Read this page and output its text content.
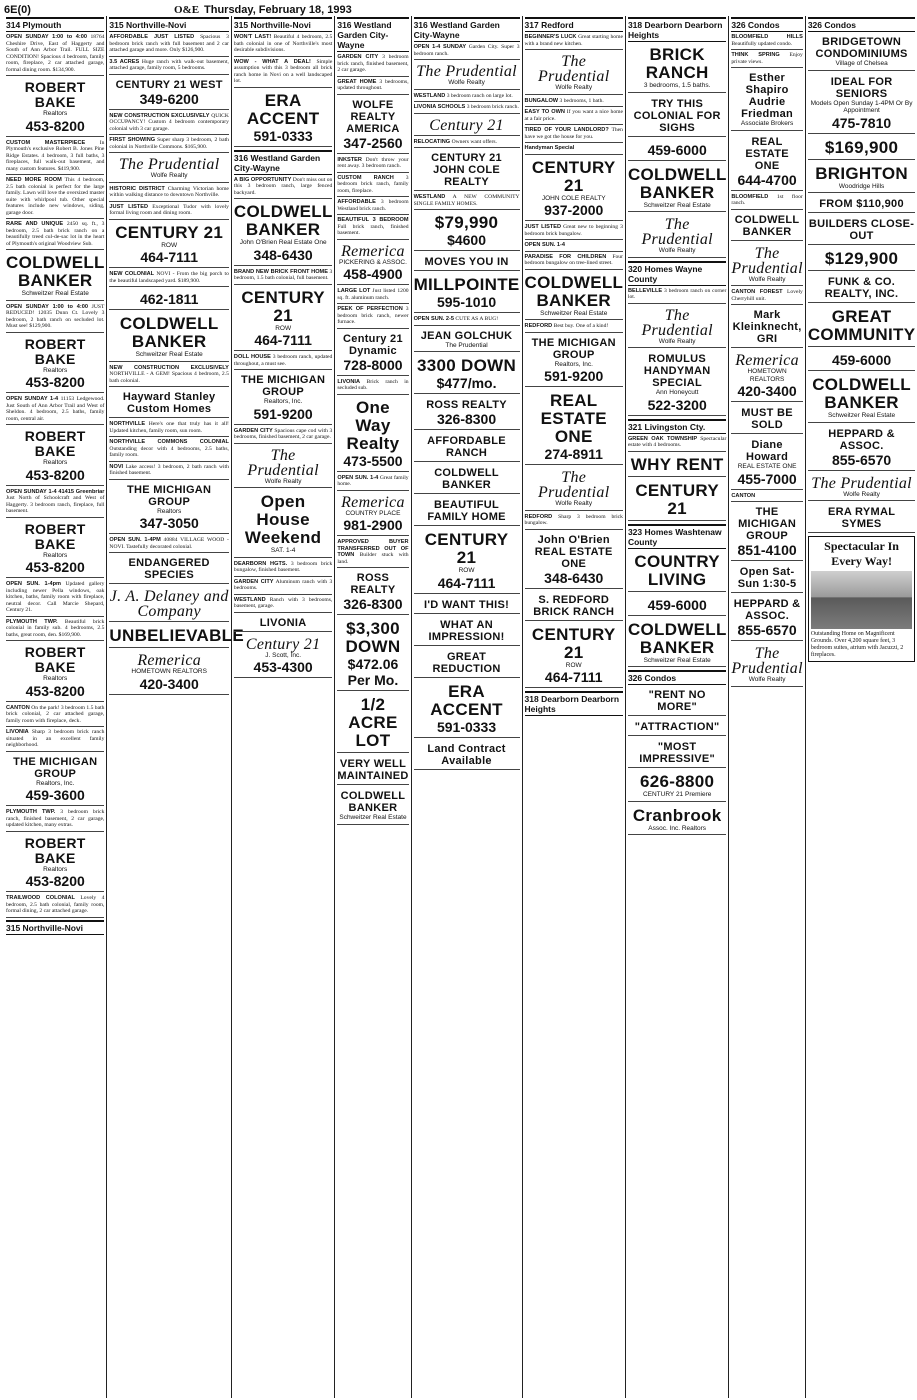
6E(0)	O&E Thursday, February 18, 1993
314 Plymouth
OPEN SUNDAY 1:00 to 4:00 18764 Cheshire Drive, East of Haggerty and South of Ann Arbor Trail. FULL SIZE CONDITION! Spacious 4 bedroom, family room, fireplace, 2 car attached garage, formal dining room. $134,900.
ROBERT BAKE
Realtors
453-8200
CUSTOM MASTERPIECE	In Plymouth's exclusive Robert B. Jones Pine Ridge Estates. 4 bedroom, 3 full baths, 3 fireplaces, full walk-out basement, and many custom features. $419,900.
NEED MORE ROOM This 4 bedroom, 2.5 bath colonial is perfect for the large family. Lawn will love the oversized master suite with whirlpool tub. Other special features include new windows, siding, garage door.
RARE AND UNIQUE 2450 sq. ft., 3 bedroom, 2.5 bath brick ranch on a beautifully treed cul-de-sac lot in the heart of Plymouth's original Woodview Sub.
COLDWELL BANKER
Schweitzer Real Estate
OPEN SUNDAY 1:00 to 4:00 JUST REDUCED! 12035 Dunn Ct. Lovely 3 bedroom, 2 bath ranch on secluded lot. Must see! $129,900.
ROBERT BAKE
Realtors
453-8200
OPEN SUNDAY 1-4 11153 Ledgewood. Just South of Ann Arbor Trail and West of Sheldon. 4 bedroom, 2.5 baths, family room, central air.
ROBERT BAKE
Realtors
453-8200
OPEN SUNDAY 1-4 41415 Greenbriar Just North of Schoolcraft and West of Haggerty. 3 bedroom ranch, fireplace, full basement.
ROBERT BAKE
Realtors
453-8200
OPEN SUN. 1-4pm Updated gallery including newer Pella windows, oak kitchen, baths, family room with fireplace, neutral decor. Call Marcie Shepard, Century 21.
PLYMOUTH TWP. Beautiful brick colonial in family sub. 4 bedrooms, 2.5 baths, great room, den. $169,900.
ROBERT BAKE
Realtors
453-8200
CANTON On the park! 3 bedroom 1.5 bath brick colonial, 2 car attached garage, family room with fireplace, deck.
LIVONIA Sharp 3 bedroom brick ranch situated in an excellent family neighborhood.
THE MICHIGAN GROUP
Realtors, Inc.
459-3600
PLYMOUTH TWP. 3 bedroom brick ranch, finished basement, 2 car garage, updated kitchen, many extras.
ROBERT BAKE
Realtors
453-8200
TRAILWOOD COLONIAL Lovely 4 bedroom, 2.5 bath colonial, family room, formal dining, 2 car attached garage.
315 Northville-Novi
315 Northville-Novi
AFFORDABLE JUST LISTED Spacious 3 bedroom brick ranch with full basement and 2 car attached garage and more. Only $126,900.
3.5 ACRES Huge ranch with walk-out basement, attached garage, family room, 5 bedrooms.
CENTURY 21 WEST
349-6200
NEW CONSTRUCTION EXCLUSIVELY QUICK OCCUPANCY! Custom 4 bedroom contemporary colonial with 3 car garage.
FIRST SHOWING Super sharp 3 bedroom, 2 bath colonial in Northville Commons. $165,900.
The Prudential
Wolfe Realty
HISTORIC DISTRICT Charming Victorian home within walking distance to downtown Northville.
JUST LISTED Exceptional Tudor with lovely formal living room and dining room.
CENTURY 21
ROW
464-7111
NEW COLONIAL NOVI - From the big porch to the beautiful landscaped yard. $189,900.
462-1811
COLDWELL BANKER
Schweitzer Real Estate
NEW CONSTRUCTION EXCLUSIVELY NORTHVILLE - A GEM! Spacious 4 bedroom, 2.5 bath colonial.
Hayward Stanley Custom Homes
NORTHVILLE Here's one that truly has it all! Updated kitchen, family room, sun room.
NORTHVILLE COMMONS COLONIAL Outstanding decor with 4 bedrooms, 2.5 baths, family room.
NOVI Lake access! 3 bedroom, 2 bath ranch with finished basement.
THE MICHIGAN GROUP
Realtors
347-3050
OPEN SUN. 1-4PM 40884 VILLAGE WOOD - NOVI. Tastefully decorated colonial.
ENDANGERED SPECIES
J. A. Delaney and Company
UNBELIEVABLE
Remerica
HOMETOWN REALTORS
420-3400
315 Northville-Novi
WON'T LAST! Beautiful 4 bedroom, 2.5 bath colonial in one of Northville's most desirable subdivisions.
WOW - WHAT A DEAL! Simple assumption with this 3 bedroom all brick ranch home in Novi on a well landscaped lot.
ERA ACCENT
591-0333
316 Westland Garden City-Wayne
A BIG OPPORTUNITY Don't miss out on this 3 bedroom ranch, large fenced backyard.
COLDWELL BANKER
John O'Brien Real Estate One
348-6430
BRAND NEW BRICK FRONT HOME 3 bedroom, 1.5 bath colonial, full basement.
CENTURY 21
ROW
464-7111
DOLL HOUSE 3 bedroom ranch, updated throughout, a must see.
THE MICHIGAN GROUP
Realtors, Inc.
591-9200
GARDEN CITY Spacious cape cod with 3 bedrooms, finished basement, 2 car garage.
The Prudential
Wolfe Realty
Open House Weekend
SAT. 1-4
DEARBORN HGTS. 3 bedroom brick bungalow, finished basement.
GARDEN CITY Aluminum ranch with 3 bedrooms.
WESTLAND Ranch with 3 bedrooms, basement, garage.
LIVONIA
Century 21
J. Scott, Inc.
453-4300
316 Westland Garden City-Wayne
GARDEN CITY 3 bedroom brick ranch, finished basement, 2 car garage.
GREAT HOME 3 bedrooms, updated throughout.
WOLFE REALTY AMERICA
347-2560
INKSTER Don't throw your rent away. 3 bedroom ranch.
CUSTOM RANCH 3 bedroom brick ranch, family room, fireplace.
AFFORDABLE 3 bedroom Westland brick ranch.
BEAUTIFUL 3 BEDROOM Full brick ranch, finished basement.
Remerica
PICKERING & ASSOC.
458-4900
LARGE LOT Just listed 1200 sq. ft. aluminum ranch.
PEEK OF PERFECTION 3 bedroom brick ranch, newer furnace.
Century 21 Dynamic
728-8000
LIVONIA Brick ranch in secluded sub.
One Way Realty
473-5500
OPEN SUN. 1-4 Great family home.
Remerica
COUNTRY PLACE
981-2900
APPROVED BUYER TRANSFERRED OUT OF TOWN Builder stuck with land.
ROSS REALTY
326-8300
$3,300 DOWN
$472.06 Per Mo.
1/2 ACRE LOT
VERY WELL MAINTAINED
COLDWELL BANKER
Schweitzer Real Estate
316 Westland Garden City-Wayne
OPEN 1-4 SUNDAY Garden City. Super 3 bedroom ranch.
The Prudential
Wolfe Realty
WESTLAND 3 bedroom ranch on large lot.
LIVONIA SCHOOLS 3 bedroom brick ranch.
Century 21
RELOCATING Owners want offers.
CENTURY 21 JOHN COLE REALTY
WESTLAND A NEW COMMUNITY SINGLE FAMILY HOMES.
$79,990
$4600
MOVES YOU IN
MILLPOINTE
595-1010
OPEN SUN. 2-5 CUTE AS A BUG!
JEAN GOLCHUK
The Prudential
3300 DOWN
$477/mo.
ROSS REALTY
326-8300
AFFORDABLE RANCH
COLDWELL BANKER
BEAUTIFUL FAMILY HOME
CENTURY 21
ROW
464-7111
I'D WANT THIS!
WHAT AN IMPRESSION!
GREAT REDUCTION
ERA ACCENT
591-0333
Land Contract Available
317 Redford
BEGINNER'S LUCK Great starting home with a brand new kitchen.
The Prudential
Wolfe Realty
BUNGALOW 3 bedrooms, 1 bath.
EASY TO OWN If you want a nice home at a fair price.
TIRED OF YOUR LANDLORD? Then have we got the house for you.
Handyman Special
CENTURY 21
JOHN COLE REALTY
937-2000
JUST LISTED Great new to beginning 3 bedroom brick bungalow.
OPEN SUN. 1-4
PARADISE FOR CHILDREN Four bedroom bungalow on tree-lined street.
COLDWELL BANKER
Schweitzer Real Estate
REDFORD Best buy. One of a kind!
THE MICHIGAN GROUP
Realtors, Inc.
591-9200
REAL ESTATE ONE
274-8911
The Prudential
Wolfe Realty
REDFORD Sharp 3 bedroom brick bungalow.
John O'Brien REAL ESTATE ONE
348-6430
S. REDFORD BRICK RANCH
CENTURY 21
ROW
464-7111
318 Dearborn Dearborn Heights
318 Dearborn Dearborn Heights
BRICK RANCH
3 bedrooms, 1.5 baths.
TRY THIS COLONIAL FOR SIGHS
459-6000
COLDWELL BANKER
Schweitzer Real Estate
The Prudential
Wolfe Realty
320 Homes Wayne County
BELLEVILLE 3 bedroom ranch on corner lot.
The Prudential
Wolfe Realty
ROMULUS HANDYMAN SPECIAL
Ann Honeycutt
522-3200
321 Livingston Cty.
GREEN OAK TOWNSHIP Spectacular estate with 4 bedrooms.
WHY RENT
CENTURY 21
323 Homes Washtenaw County
COUNTRY LIVING
459-6000
COLDWELL BANKER
Schweitzer Real Estate
326 Condos
"RENT NO MORE"
"ATTRACTION"
"MOST IMPRESSIVE"
626-8800
CENTURY 21 Premiere
Cranbrook
Assoc. Inc. Realtors
326 Condos
BLOOMFIELD HILLS Beautifully updated condo.
THINK SPRING Enjoy private views.
Esther Shapiro Audrie Friedman
Associate Brokers
REAL ESTATE ONE
644-4700
BLOOMFIELD 1st floor ranch.
COLDWELL BANKER
The Prudential
Wolfe Realty
CANTON FOREST Lovely Cherryhill unit.
Mark Kleinknecht, GRI
Remerica
HOMETOWN REALTORS
420-3400
MUST BE SOLD
Diane Howard
REAL ESTATE ONE
455-7000
CANTON
THE MICHIGAN GROUP
851-4100
Open Sat-Sun 1:30-5
HEPPARD & ASSOC.
855-6570
The Prudential
Wolfe Realty
326 Condos
BRIDGETOWN CONDOMINIUMS
Village of Chelsea
IDEAL FOR SENIORS
Models Open Sunday 1-4PM Or By Appointment
475-7810
$169,900
BRIGHTON
Woodridge Hills
FROM $110,900
BUILDERS CLOSE-OUT
$129,900
FUNK & CO. REALTY, INC.
GREAT COMMUNITY
459-6000
COLDWELL BANKER
Schweitzer Real Estate
HEPPARD & ASSOC.
855-6570
The Prudential
Wolfe Realty
ERA RYMAL SYMES
Spectacular In Every Way!
Outstanding Home on Magnificent Grounds. Over 4,200 square feet, 3 bedroom suites, atrium with Jacuzzi, 2 fireplaces.
